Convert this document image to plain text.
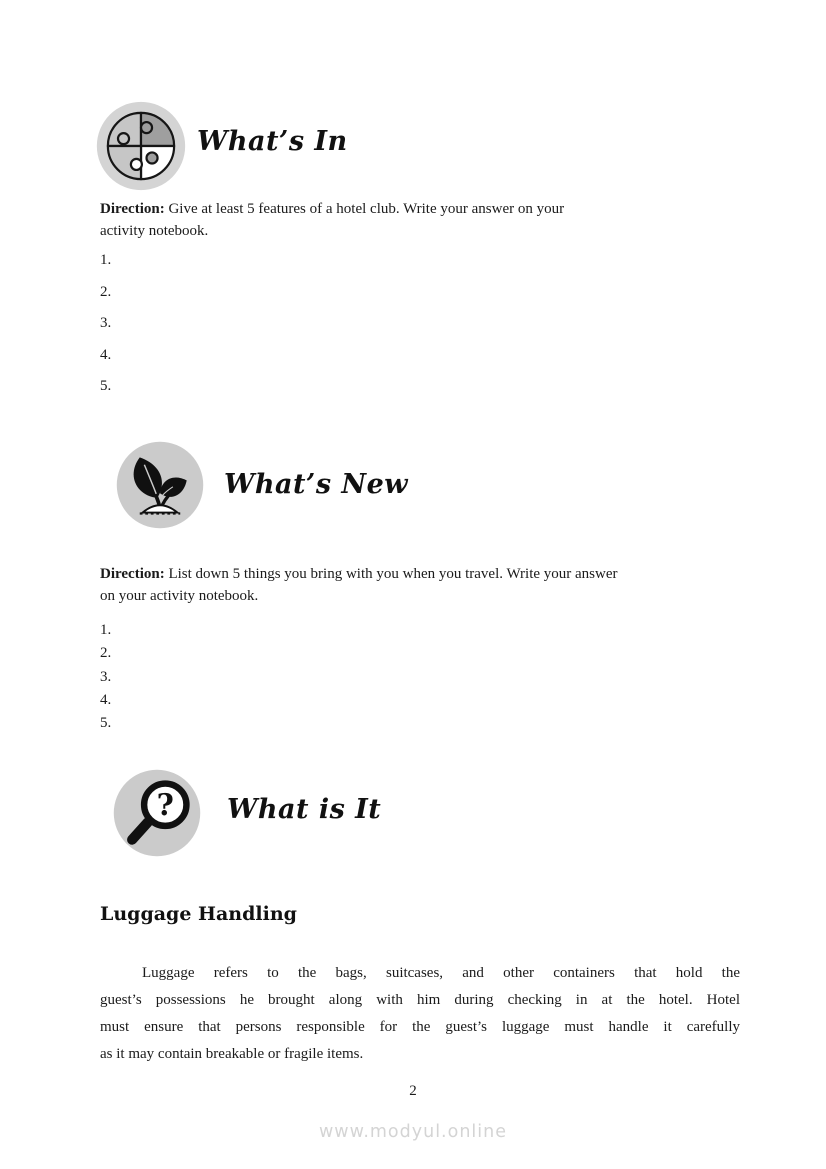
What’s In

Direction: Give at least 5 features of a hotel club. Write your answer on your
activity notebook.

1.
2.
3.
4.
5.
What’s New

Direction: List down 5 things you bring with you when you travel. Write your answer
on your activity notebook.

1.
2.
3.
4.
5.
? What is It
Luggage Handling
Luggage refers to the bags, suitcases, and other containers that hold the
guest’s possessions he brought along with him during checking in at the hotel. Hotel
must ensure that persons responsible for the guest’s luggage must handle it carefully
as it may contain breakable or fragile items.
2
www.modyul.online
